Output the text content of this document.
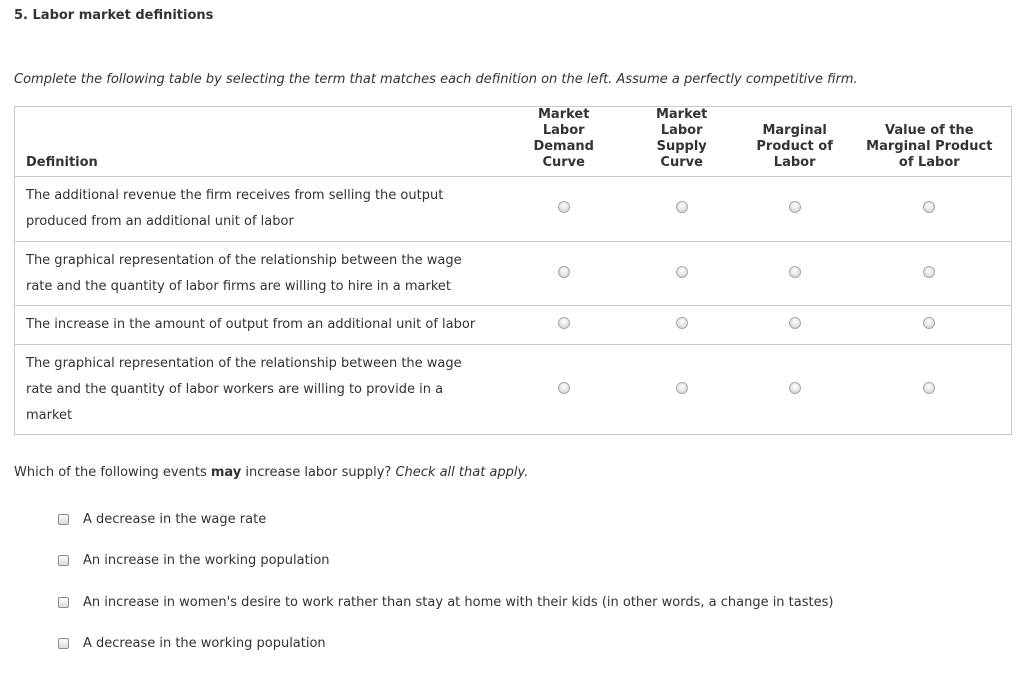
5. Labor market definitions
Complete the following table by selecting the term that matches each definition on the left. Assume a perfectly competitive firm.
Definition	Market Labor Demand Curve	Market Labor Supply Curve	Marginal Product of Labor	Value of the Marginal Product of Labor
The additional revenue the firm receives from selling the output produced from an additional unit of labor				
The graphical representation of the relationship between the wage rate and the quantity of labor firms are willing to hire in a market				
The increase in the amount of output from an additional unit of labor				
The graphical representation of the relationship between the wage rate and the quantity of labor workers are willing to provide in a market				
Which of the following events may increase labor supply? Check all that apply.
A decrease in the wage rate
An increase in the working population
An increase in women's desire to work rather than stay at home with their kids (in other words, a change in tastes)
A decrease in the working population
